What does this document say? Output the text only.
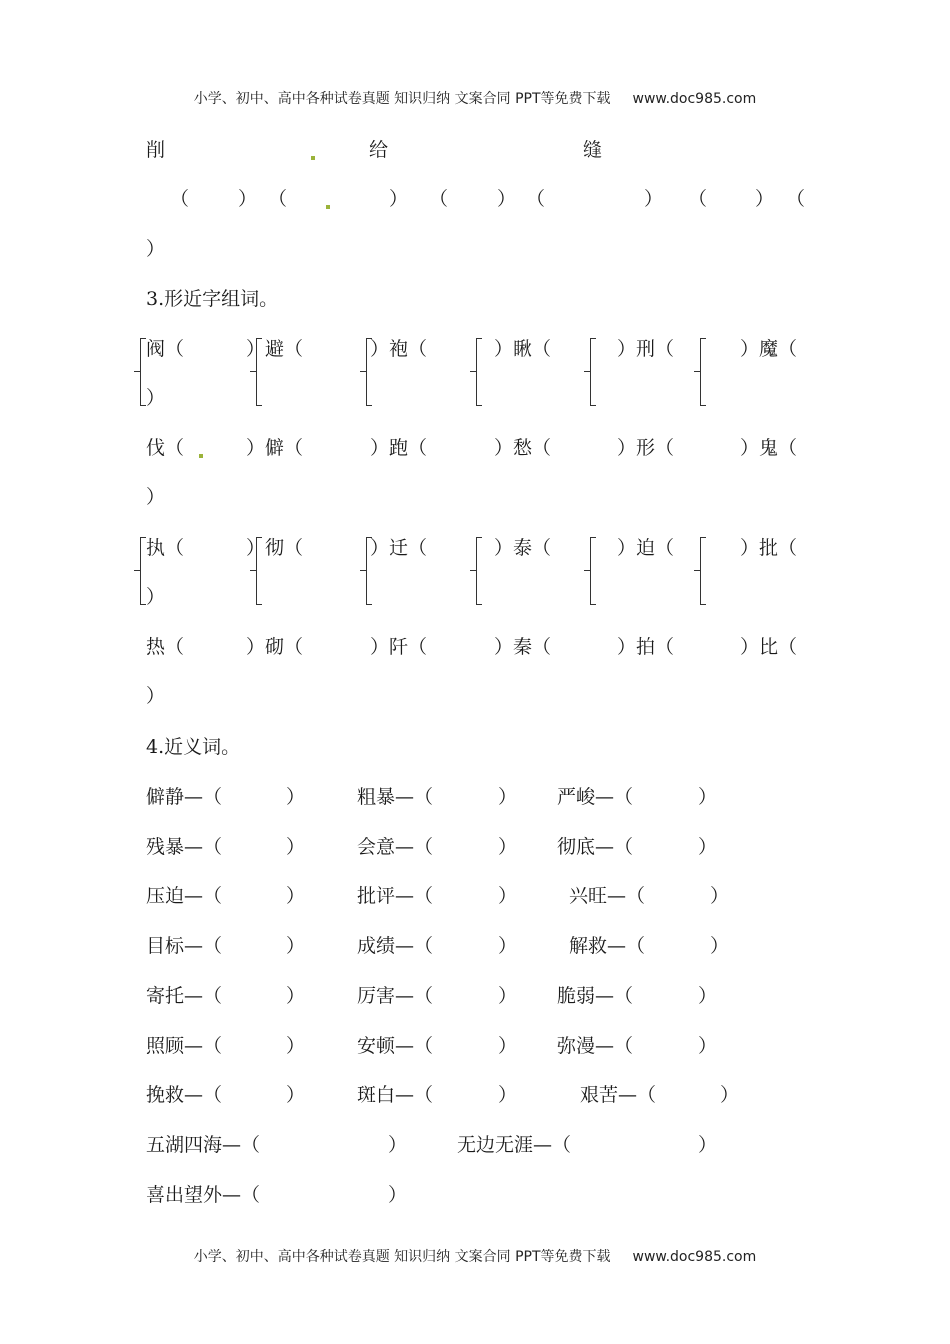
小学、初中、高中各种试卷真题 知识归纳 文案合同 PPT等免费下载 www.doc985.com
削	给	缝
（	） （	） （	） （	） （	） （
）
3.形近字组词。
阀（	）避（	）袍（	）瞅（	）刑（	）魔（
）
伐（	）僻（	）跑（	）愁（	）形（	）鬼（
）
执（	）彻（	）迁（	）泰（	）迫（	）批（
）
热（	）砌（	）阡（	）秦（	）拍（	）比（
）
4.近义词。
僻静—（	）	粗暴—（	） 严峻—（	）
残暴—（	）	会意—（	） 彻底—（	）
压迫—（	）	批评—（	）	兴旺—（	）
目标—（	）	成绩—（	）	解救—（	）
寄托—（	）	厉害—（	） 脆弱—（	）
照顾—（	）	安顿—（	） 弥漫—（	）
挽救—（	）	斑白—（	）	艰苦—（	）
五湖四海—（	）	无边无涯—（	）
喜出望外—（	）
小学、初中、高中各种试卷真题 知识归纳 文案合同 PPT等免费下载 www.doc985.com
